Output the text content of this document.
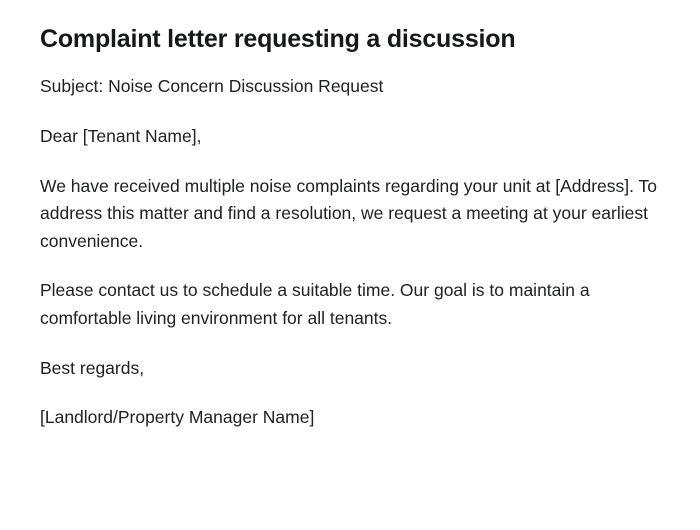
Complaint letter requesting a discussion

Subject: Noise Concern Discussion Request

Dear [Tenant Name],

We have received multiple noise complaints regarding your unit at [Address]. To address this matter and find a resolution, we request a meeting at your earliest convenience.

Please contact us to schedule a suitable time. Our goal is to maintain a comfortable living environment for all tenants.

Best regards,

[Landlord/Property Manager Name]
